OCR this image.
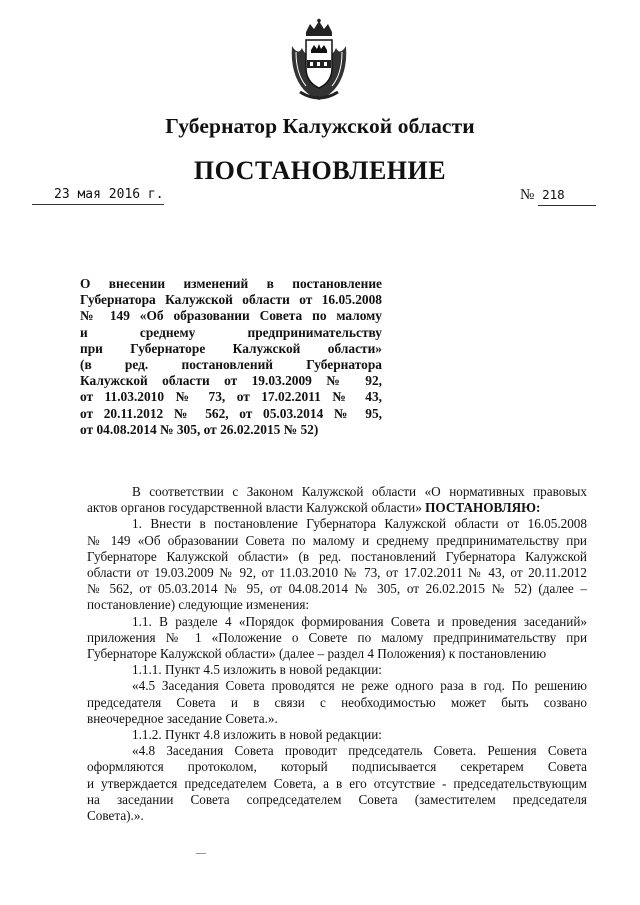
Губернатор Калужской области
ПОСТАНОВЛЕНИЕ
23 мая 2016 г.	№ 218
О внесении изменений в постановление
Губернатора Калужской области от 16.05.2008
№ 149 «Об образовании Совета по малому
и среднему предпринимательству
при Губернаторе Калужской области»
(в ред. постановлений Губернатора
Калужской области от 19.03.2009 № 92,
от 11.03.2010 № 73, от 17.02.2011 № 43,
от 20.11.2012 № 562, от 05.03.2014 № 95,
от 04.08.2014 № 305, от 26.02.2015 № 52)
В соответствии с Законом Калужской области «О нормативных правовых
актов органов государственной власти Калужской области» ПОСТАНОВЛЯЮ:
1. Внести в постановление Губернатора Калужской области от 16.05.2008
№ 149 «Об образовании Совета по малому и среднему предпринимательству при
Губернаторе Калужской области» (в ред. постановлений Губернатора Калужской
области от 19.03.2009 № 92, от 11.03.2010 № 73, от 17.02.2011 № 43, от 20.11.2012
№ 562, от 05.03.2014 № 95, от 04.08.2014 № 305, от 26.02.2015 № 52) (далее –
постановление) следующие изменения:
1.1. В разделе 4 «Порядок формирования Совета и проведения заседаний»
приложения № 1 «Положение о Совете по малому предпринимательству при
Губернаторе Калужской области» (далее – раздел 4 Положения) к постановлению
1.1.1. Пункт 4.5 изложить в новой редакции:
«4.5 Заседания Совета проводятся не реже одного раза в год. По решению
председателя Совета и в связи с необходимостью может быть созвано
внеочередное заседание Совета.».
1.1.2. Пункт 4.8 изложить в новой редакции:
«4.8 Заседания Совета проводит председатель Совета. Решения Совета
оформляются протоколом, который подписывается секретарем Совета
и утверждается председателем Совета, а в его отсутствие - председательствующим
на заседании Совета сопредседателем Совета (заместителем председателя
Совета).».
